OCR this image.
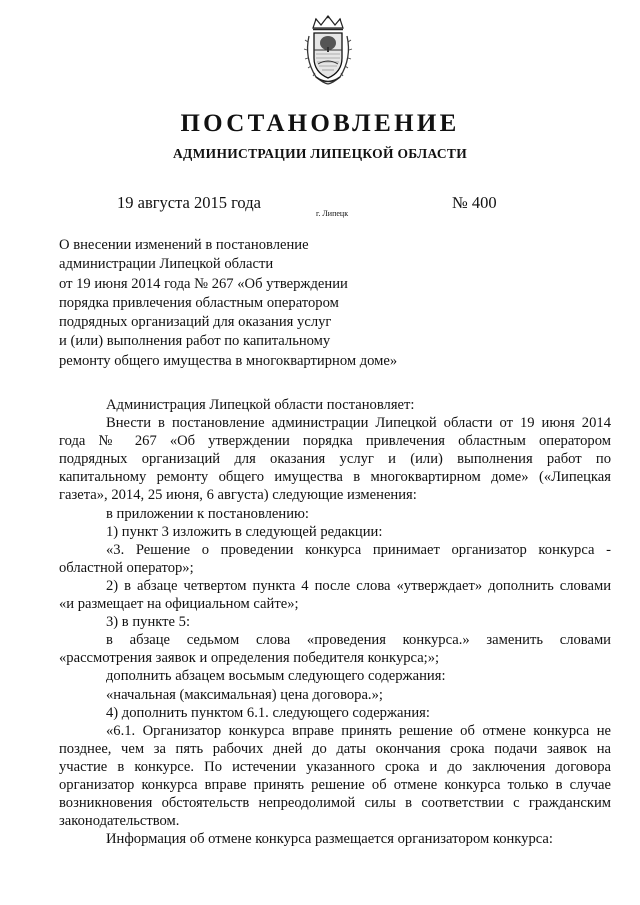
ПОСТАНОВЛЕНИЕ
АДМИНИСТРАЦИИ ЛИПЕЦКОЙ ОБЛАСТИ
19 августа 2015 года
г. Липецк
№ 400
О внесении изменений в постановление
администрации Липецкой области
от 19 июня 2014 года № 267 «Об утверждении
порядка привлечения областным оператором
подрядных организаций для оказания услуг
и (или) выполнения работ по капитальному
ремонту общего имущества в многоквартирном доме»
Администрация Липецкой области постановляет:
Внести в постановление администрации Липецкой области от 19 июня 2014
года № 267 «Об утверждении порядка привлечения областным оператором
подрядных организаций для оказания услуг и (или) выполнения работ по
капитальному ремонту общего имущества в многоквартирном доме» («Липецкая
газета», 2014, 25 июня, 6 августа) следующие изменения:
в приложении к постановлению:
1) пункт 3 изложить в следующей редакции:
«3. Решение о проведении конкурса принимает организатор конкурса -
областной оператор»;
2) в абзаце четвертом пункта 4 после слова «утверждает» дополнить словами
«и размещает на официальном сайте»;
3) в пункте 5:
в абзаце седьмом слова «проведения конкурса.» заменить словами
«рассмотрения заявок и определения победителя конкурса;»;
дополнить абзацем восьмым следующего содержания:
«начальная (максимальная) цена договора.»;
4) дополнить пунктом 6.1. следующего содержания:
«6.1. Организатор конкурса вправе принять решение об отмене конкурса не
позднее, чем за пять рабочих дней до даты окончания срока подачи заявок на
участие в конкурсе. По истечении указанного срока и до заключения договора
организатор конкурса вправе принять решение об отмене конкурса только в случае
возникновения обстоятельств непреодолимой силы в соответствии с гражданским
законодательством.
Информация об отмене конкурса размещается организатором конкурса:
